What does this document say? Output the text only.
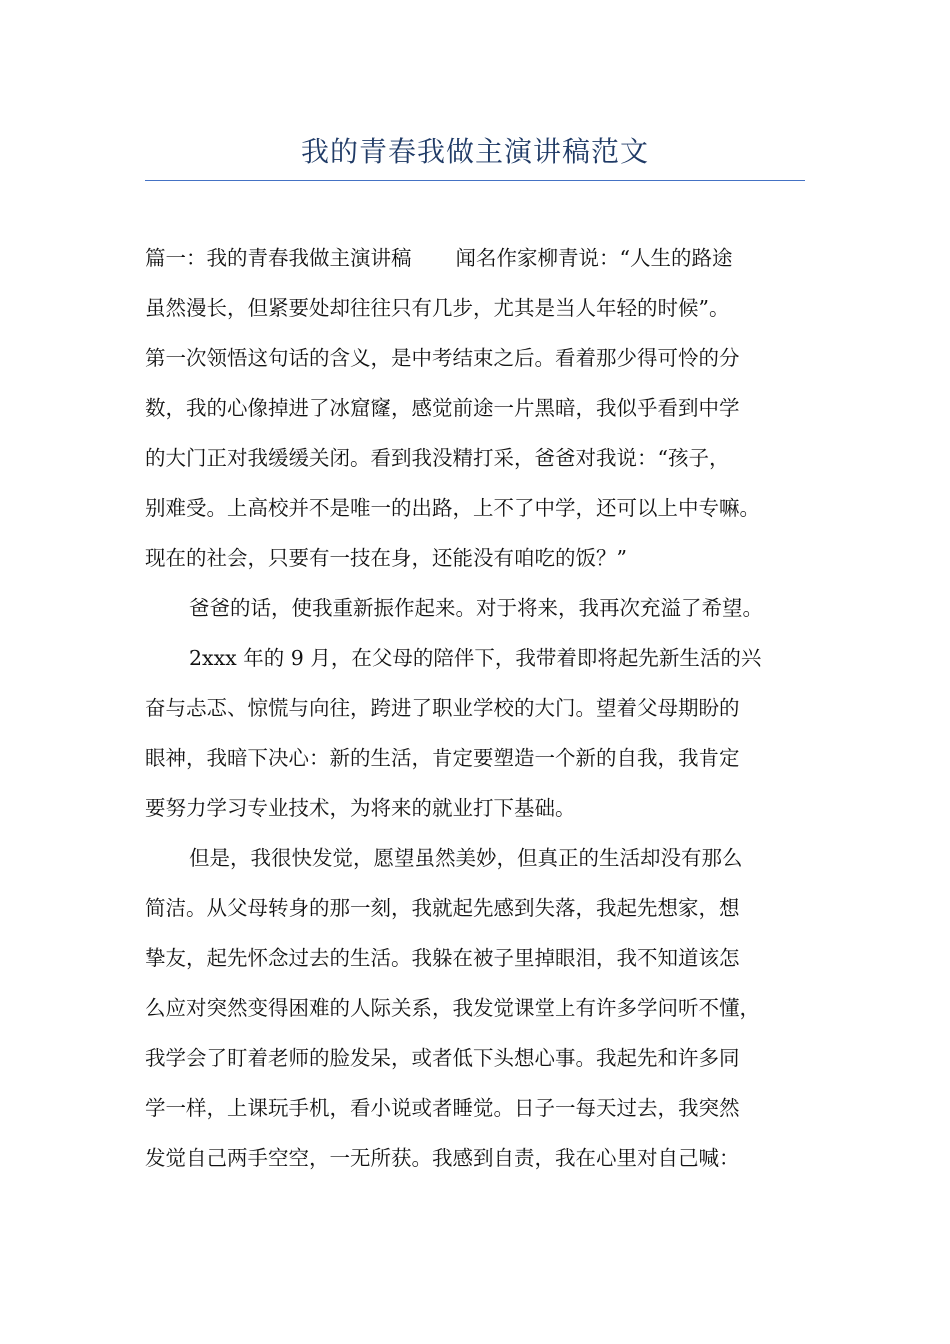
我的青春我做主演讲稿范文
篇一：我的青春我做主演讲稿 闻名作家柳青说：“人生的路途
虽然漫长，但紧要处却往往只有几步，尤其是当人年轻的时候”。
第一次领悟这句话的含义，是中考结束之后。看着那少得可怜的分
数，我的心像掉进了冰窟窿，感觉前途一片黑暗，我似乎看到中学
的大门正对我缓缓关闭。看到我没精打采，爸爸对我说：“孩子，
别难受。上高校并不是唯一的出路，上不了中学，还可以上中专嘛。
现在的社会，只要有一技在身，还能没有咱吃的饭？”
爸爸的话，使我重新振作起来。对于将来，我再次充溢了希望。
2xxx 年的 9 月，在父母的陪伴下，我带着即将起先新生活的兴
奋与忐忑、惊慌与向往，跨进了职业学校的大门。望着父母期盼的
眼神，我暗下决心：新的生活，肯定要塑造一个新的自我，我肯定
要努力学习专业技术，为将来的就业打下基础。
但是，我很快发觉，愿望虽然美妙，但真正的生活却没有那么
简洁。从父母转身的那一刻，我就起先感到失落，我起先想家，想
挚友，起先怀念过去的生活。我躲在被子里掉眼泪，我不知道该怎
么应对突然变得困难的人际关系，我发觉课堂上有许多学问听不懂，
我学会了盯着老师的脸发呆，或者低下头想心事。我起先和许多同
学一样，上课玩手机，看小说或者睡觉。日子一每天过去，我突然
发觉自己两手空空，一无所获。我感到自责，我在心里对自己喊：
